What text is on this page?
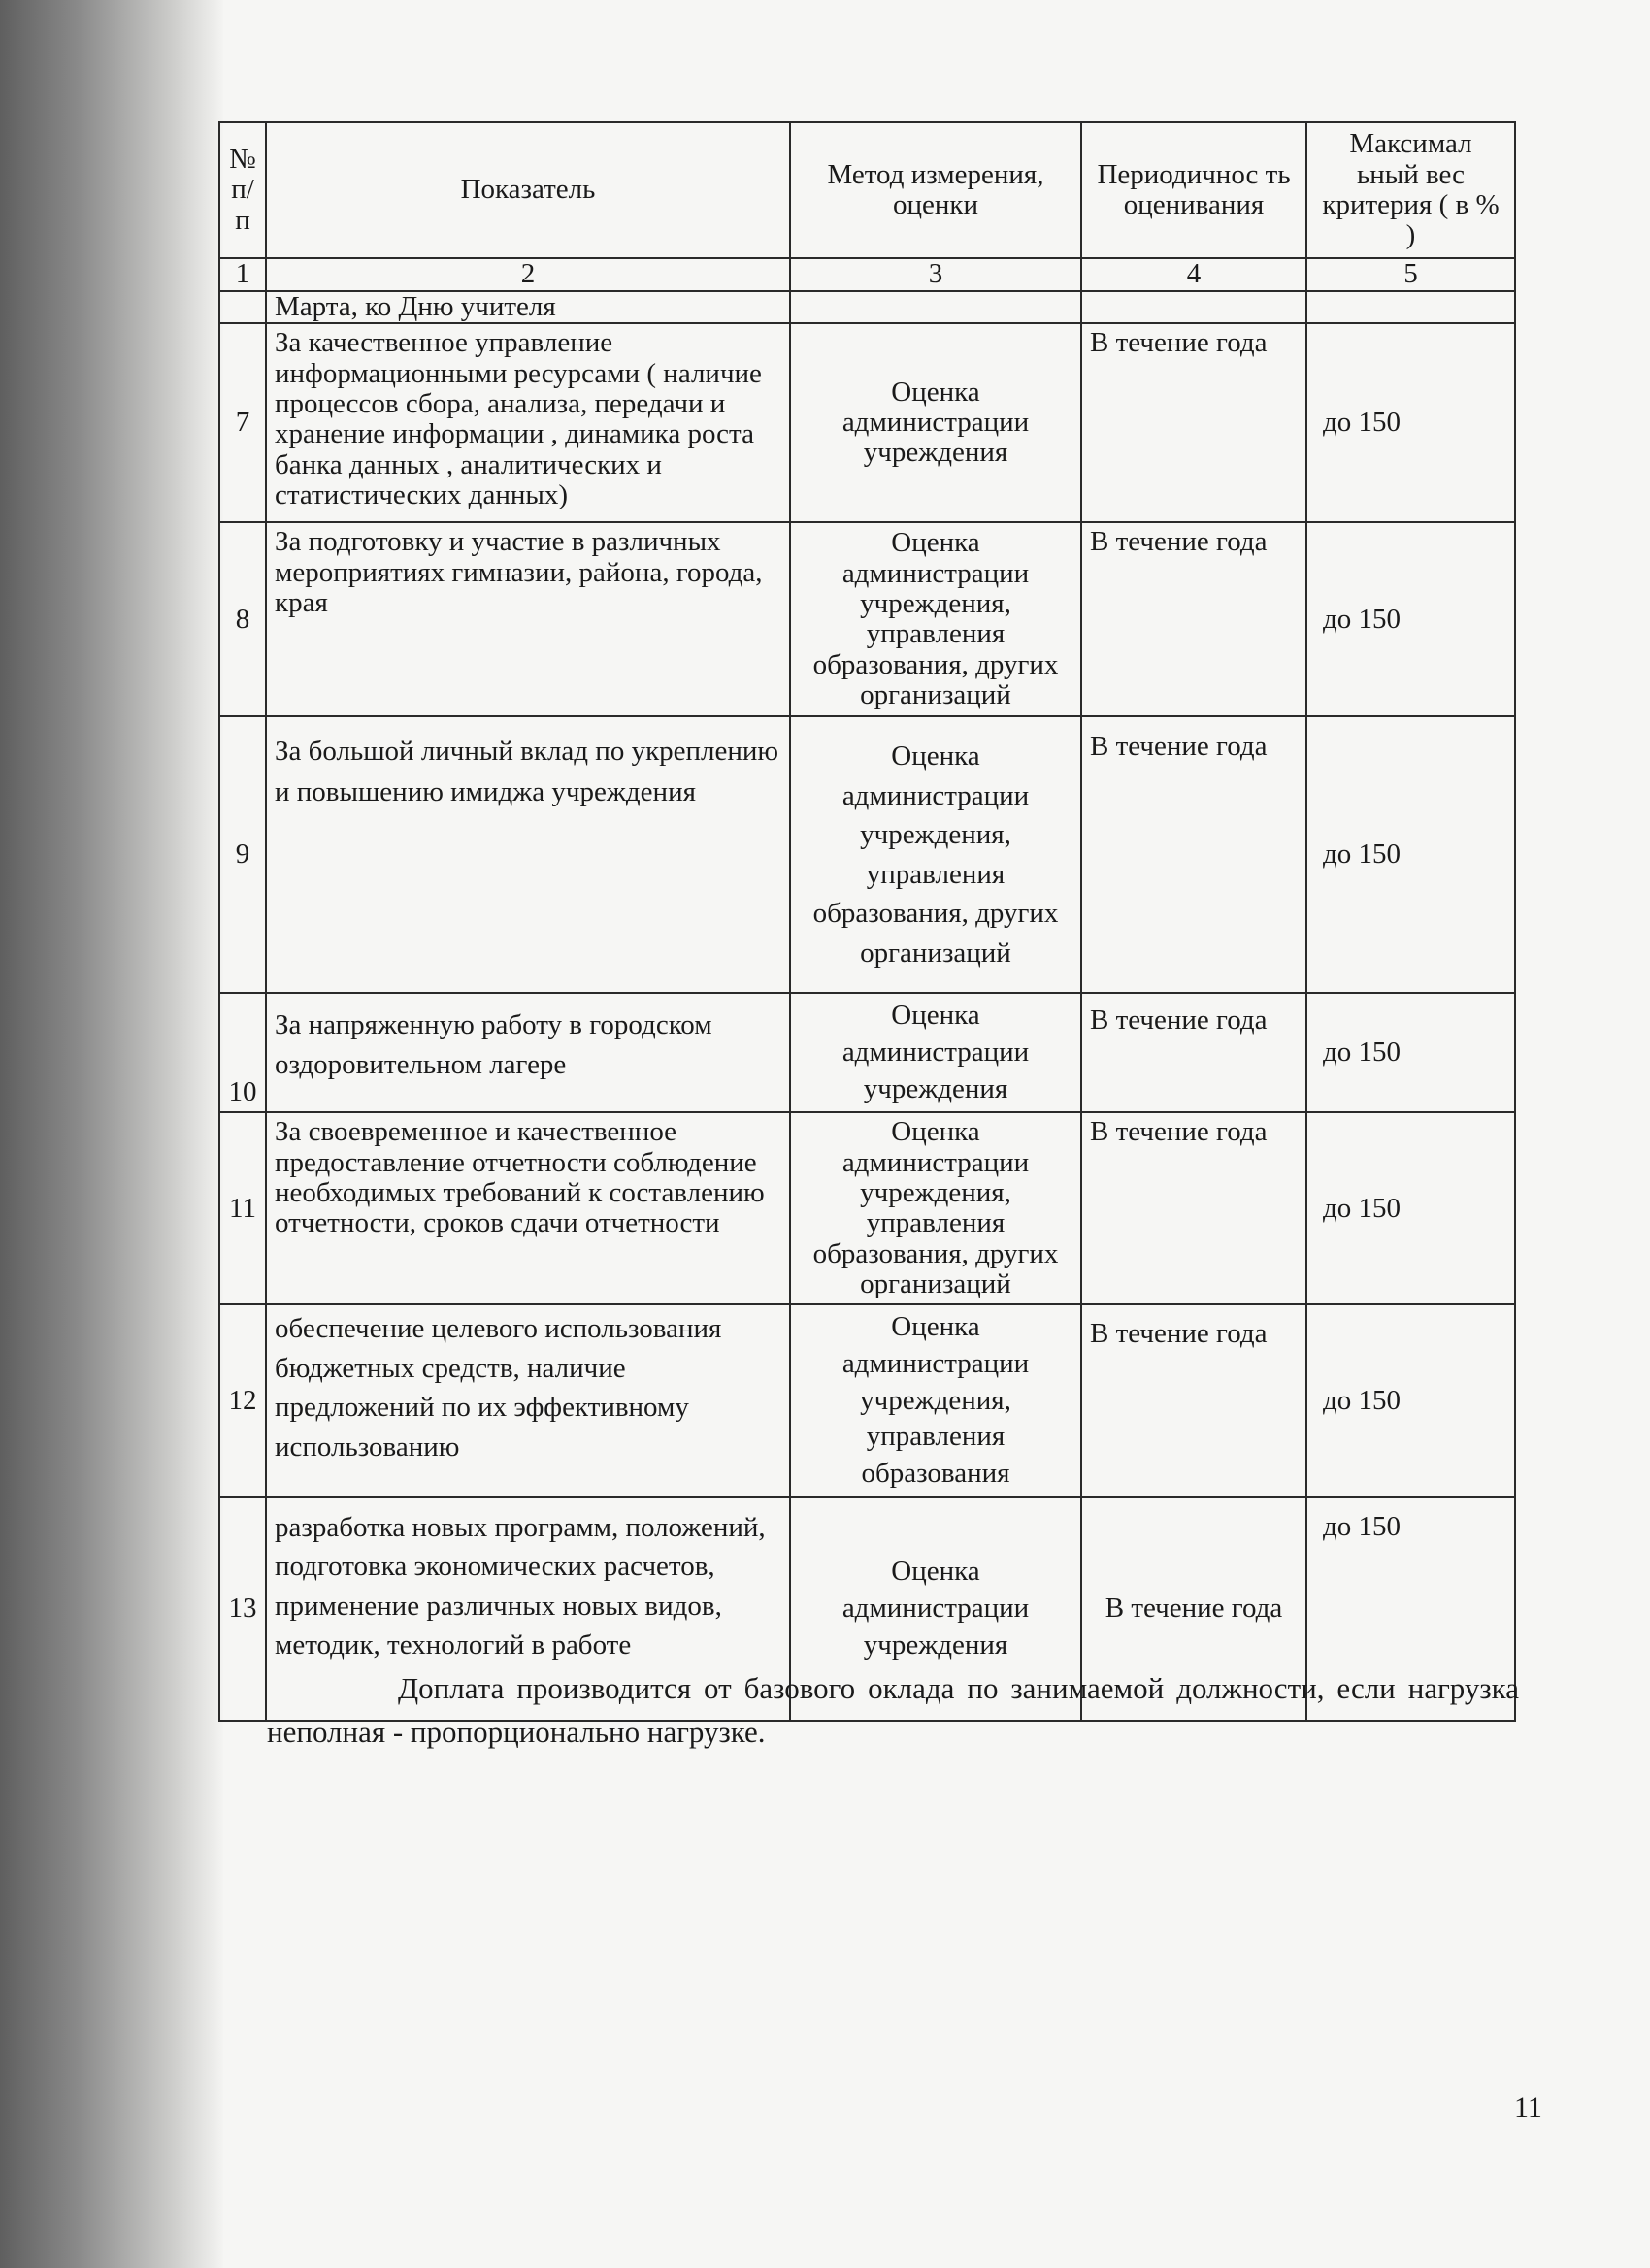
№ п/п	Показатель	Метод измерения, оценки	Периодичнос ть оценивания	Максимал ьный вес критерия ( в % )
1	2	3	4	5
	Марта, ко Дню учителя			
7	За качественное управление информационными ресурсами ( наличие процессов сбора, анализа, передачи и хранение информации , динамика роста банка данных , аналитических и статистических данных)	Оценка администрации учреждения	В течение года	до 150
8	За подготовку и участие в различных мероприятиях гимназии, района, города, края	Оценка администрации учреждения, управления образования, других организаций	В течение года	до 150
9	За большой личный вклад по укреплению и повышению имиджа учреждения	Оценка администрации учреждения, управления образования, других организаций	В течение года	до 150
10	За напряженную работу в городском оздоровительном лагере	Оценка администрации учреждения	В течение года	до 150
11	За своевременное и качественное предоставление отчетности соблюдение необходимых требований к составлению отчетности, сроков сдачи отчетности	Оценка администрации учреждения, управления образования, других организаций	В течение года	до 150
12	обеспечение целевого использования бюджетных средств, наличие предложений по их эффективному использованию	Оценка администрации учреждения, управления образования	В течение года	до 150
13	разработка новых программ, положений, подготовка экономических расчетов, применение различных новых видов, методик, технологий в работе	Оценка администрации учреждения	В течение года	до 150

Доплата производится от базового оклада по занимаемой должности, если нагрузка неполная - пропорционально нагрузке.

11
